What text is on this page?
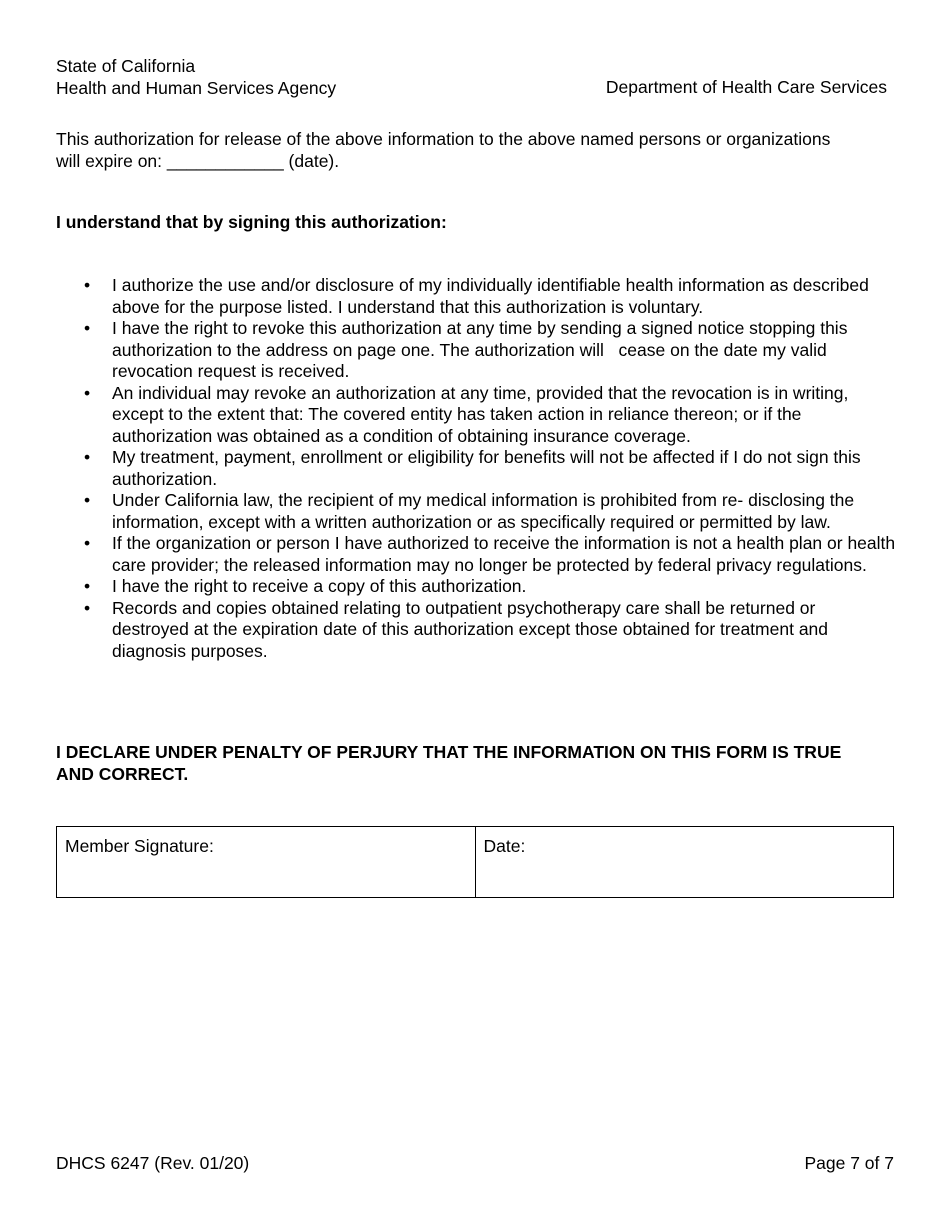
State of California
Health and Human Services Agency	Department of Health Care Services
This authorization for release of the above information to the above named persons or organizations
will expire on: ____________ (date).
I understand that by signing this authorization:
• I authorize the use and/or disclosure of my individually identifiable health information as described above for the purpose listed. I understand that this authorization is voluntary.
• I have the right to revoke this authorization at any time by sending a signed notice stopping this authorization to the address on page one. The authorization will   cease on the date my valid revocation request is received.
• An individual may revoke an authorization at any time, provided that the revocation is in writing, except to the extent that: The covered entity has taken action in reliance thereon; or if the authorization was obtained as a condition of obtaining insurance coverage.
• My treatment, payment, enrollment or eligibility for benefits will not be affected if I do not sign this authorization.
• Under California law, the recipient of my medical information is prohibited from re- disclosing the information, except with a written authorization or as specifically required or permitted by law.
• If the organization or person I have authorized to receive the information is not a health plan or health care provider; the released information may no longer be protected by federal privacy regulations.
• I have the right to receive a copy of this authorization.
• Records and copies obtained relating to outpatient psychotherapy care shall be returned or destroyed at the expiration date of this authorization except those obtained for treatment and diagnosis purposes.
I DECLARE UNDER PENALTY OF PERJURY THAT THE INFORMATION ON THIS FORM IS TRUE AND CORRECT.
Member Signature:	Date:
DHCS 6247 (Rev. 01/20)	Page 7 of 7
